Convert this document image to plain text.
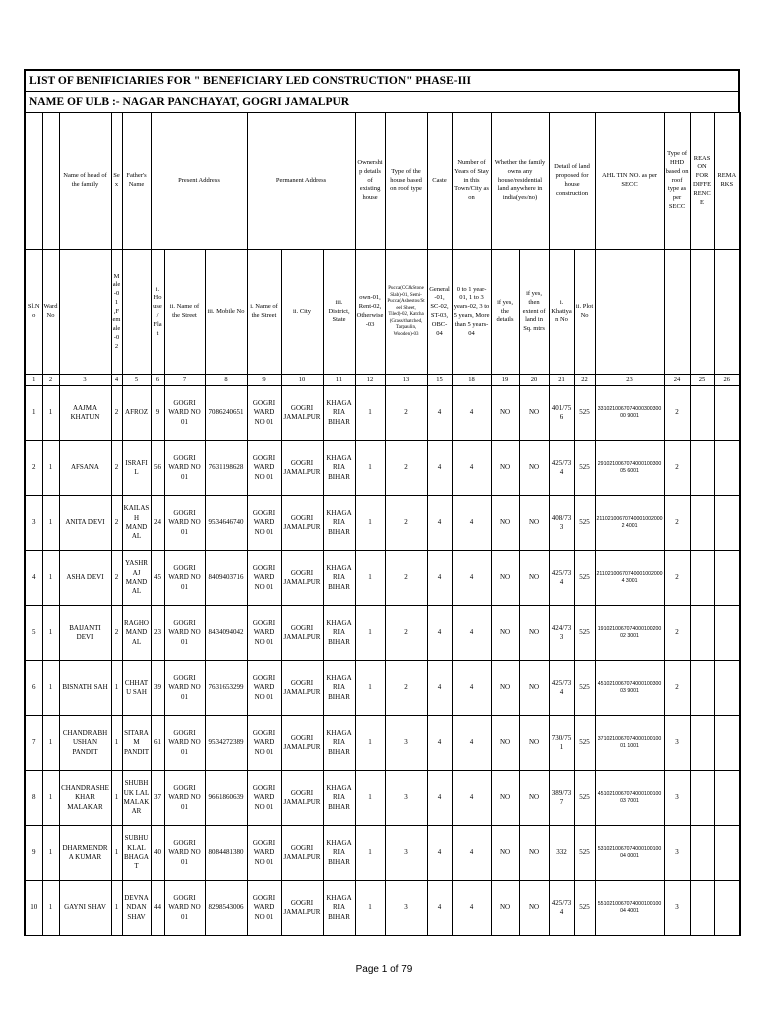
LIST OF BENIFICIARIES FOR " BENEFICIARY LED CONSTRUCTION" PHASE-III
NAME OF ULB :- NAGAR PANCHAYAT, GOGRI JAMALPUR
		Name of head of the family	Sex	Father's Name	Present Address			Permanent Address			Ownership details of existing house	Type of the house based on roof type	Caste	Number of Years of Stay in this Town/City as on	Whether the family owns any house/residential land anywhere in india(yes/no)		Detail of land proposed for house construction		AHL TIN NO. as per SECC	Type of HHD based on roof type as per SECC	REASON FOR DIFFERENCE	REMARKS
Sl.No	Ward No		Male-01 ,Female-02		i. House / Flat	ii. Name of the Street	iii. Mobile No	i. Name of the Street	ii. City	iii. District, State	own-01, Rent-02, Otherwise-03	Pucca(CC&Stone Slab)-01, Semi-Pucca(Asbestos/Steel Sheet, Tiled)-02, Katcha (Grass/thatched, Tarpaulin, Wooden)-03	General-01, SC-02, ST-03, OBC-04	0 to 1 year-01, 1 to 3 years-02, 3 to 5 years, More than 5 years-04	if yes, the details	if yes, then extent of land in Sq. mtrs	i. Khatiyan No	ii. Plot No				
1	2	3	4	5	6	7	8	9	10	11	12	13	15	18	19	20	21	22	23	24	25	26
1	1	AAJMA KHATUN	2	AFROZ	9	GOGRI WARD NO 01	7086240651	GOGRI WARD NO 01	GOGRI JAMALPUR	KHAGARIA BIHAR	1	2	4	4	NO	NO	401/756	525	331021006707400030030000 9001	2		
2	1	AFSANA	2	ISRAFIL	56	GOGRI WARD NO 01	7631198628	GOGRI WARD NO 01	GOGRI JAMALPUR	KHAGARIA BIHAR	1	2	4	4	NO	NO	425/734	525	291021006707400010030005 6001	2		
3	1	ANITA DEVI	2	KAILASH MANDAL	24	GOGRI WARD NO 01	9534646740	GOGRI WARD NO 01	GOGRI JAMALPUR	KHAGARIA BIHAR	1	2	4	4	NO	NO	408/733	525	211021006707400010020002 4001	2		
4	1	ASHA DEVI	2	YASHRAJ MANDAL	45	GOGRI WARD NO 01	8409403716	GOGRI WARD NO 01	GOGRI JAMALPUR	KHAGARIA BIHAR	1	2	4	4	NO	NO	425/734	525	211021006707400010020004 3001	2		
5	1	BAIJANTI DEVI	2	RAGHO MANDAL	23	GOGRI WARD NO 01	8434094042	GOGRI WARD NO 01	GOGRI JAMALPUR	KHAGARIA BIHAR	1	2	4	4	NO	NO	424/733	525	191021006707400010020002 3001	2		
6	1	BISNATH SAH	1	CHHATU SAH	39	GOGRI WARD NO 01	7631653299	GOGRI WARD NO 01	GOGRI JAMALPUR	KHAGARIA BIHAR	1	2	4	4	NO	NO	425/734	525	451021006707400010030003 9001	2		
7	1	CHANDRABHUSHAN PANDIT	1	SITARAM PANDIT	61	GOGRI WARD NO 01	9534272389	GOGRI WARD NO 01	GOGRI JAMALPUR	KHAGARIA BIHAR	1	3	4	4	NO	NO	730/751	525	371021006707400010010001 1001	3		
8	1	CHANDRASHEKHAR MALAKAR	1	SHUBHUK LAL MALAKAR	37	GOGRI WARD NO 01	9661860639	GOGRI WARD NO 01	GOGRI JAMALPUR	KHAGARIA BIHAR	1	3	4	4	NO	NO	389/737	525	451021006707400010010003 7001	3		
9	1	DHARMENDRA KUMAR	1	SUBHUKLAL BHAGAT	40	GOGRI WARD NO 01	8084481380	GOGRI WARD NO 01	GOGRI JAMALPUR	KHAGARIA BIHAR	1	3	4	4	NO	NO	332	525	531021006707400010010004 0001	3		
10	1	GAYNI SHAV	1	DEVNANDAN SHAV	44	GOGRI WARD NO 01	8298543006	GOGRI WARD NO 01	GOGRI JAMALPUR	KHAGARIA BIHAR	1	3	4	4	NO	NO	425/734	525	551021006707400010010004 4001	3		
Page 1 of 79
